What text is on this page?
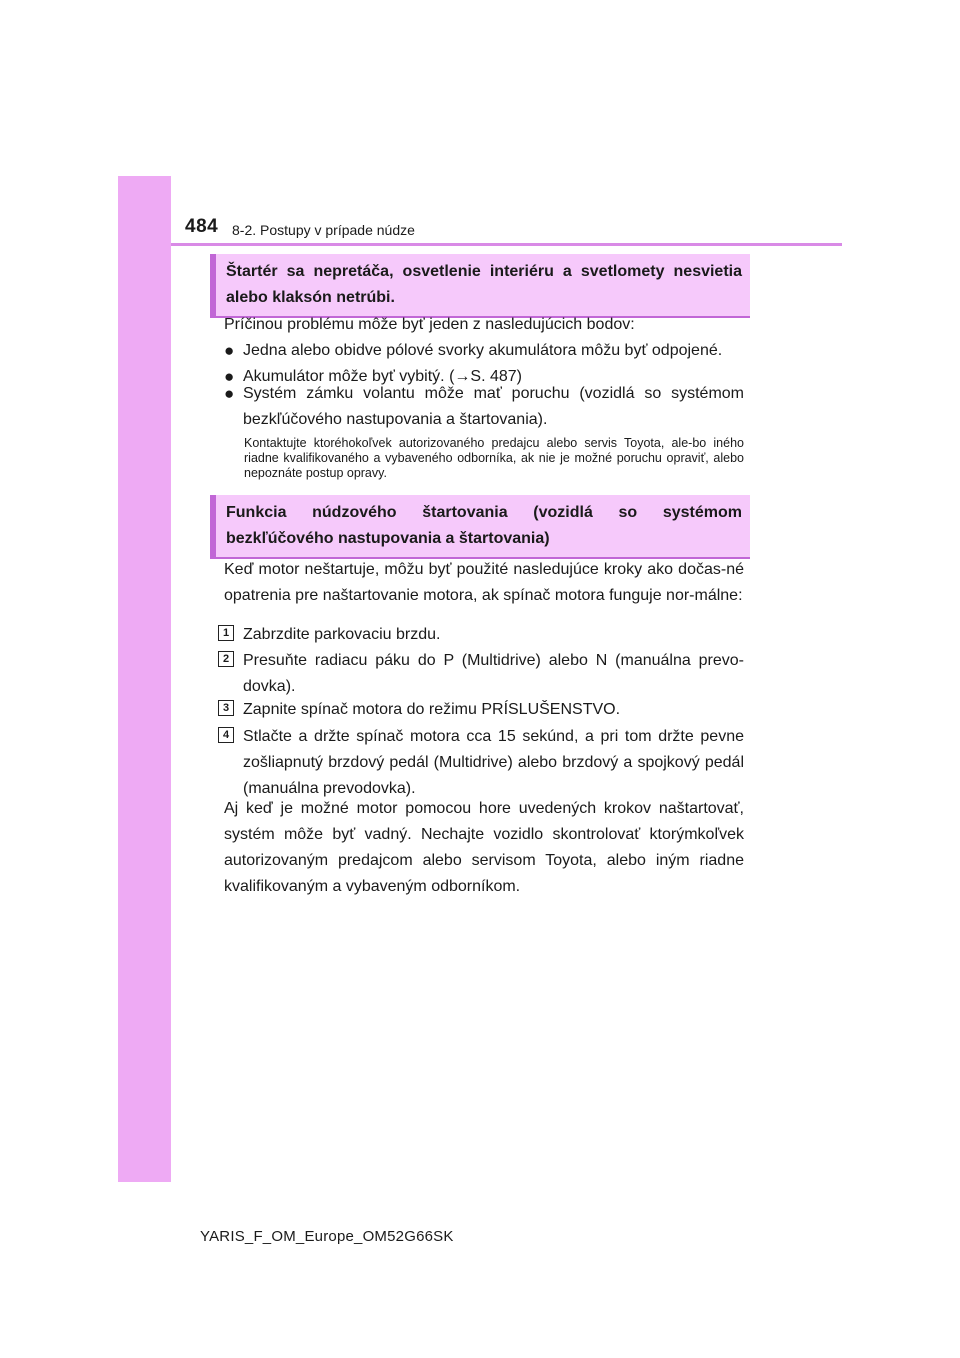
484 8-2. Postupy v prípade núdze
Štartér sa nepretáča, osvetlenie interiéru a svetlomety nesvietia alebo klaksón netrúbi.
Príčinou problému môže byť jeden z nasledujúcich bodov:
● Jedna alebo obidve pólové svorky akumulátora môžu byť odpojené.
● Akumulátor môže byť vybitý. (→S. 487)
● Systém zámku volantu môže mať poruchu (vozidlá so systémom bezkľúčového nastupovania a štartovania).
Kontaktujte ktoréhokoľvek autorizovaného predajcu alebo servis Toyota, ale-bo iného riadne kvalifikovaného a vybaveného odborníka, ak nie je možné poruchu opraviť, alebo nepoznáte postup opravy.
Funkcia núdzového štartovania (vozidlá so systémom bezkľúčového nastupovania a štartovania)
Keď motor neštartuje, môžu byť použité nasledujúce kroky ako dočas-né opatrenia pre naštartovanie motora, ak spínač motora funguje nor-málne:
1 Zabrzdite parkovaciu brzdu.
2 Presuňte radiacu páku do P (Multidrive) alebo N (manuálna prevo-dovka).
3 Zapnite spínač motora do režimu PRÍSLUŠENSTVO.
4 Stlačte a držte spínač motora cca 15 sekúnd, a pri tom držte pevne zošliapnutý brzdový pedál (Multidrive) alebo brzdový a spojkový pedál (manuálna prevodovka).
Aj keď je možné motor pomocou hore uvedených krokov naštartovať, systém môže byť vadný. Nechajte vozidlo skontrolovať ktorýmkoľvek autorizovaným predajcom alebo servisom Toyota, alebo iným riadne kvalifikovaným a vybaveným odborníkom.
YARIS_F_OM_Europe_OM52G66SK
